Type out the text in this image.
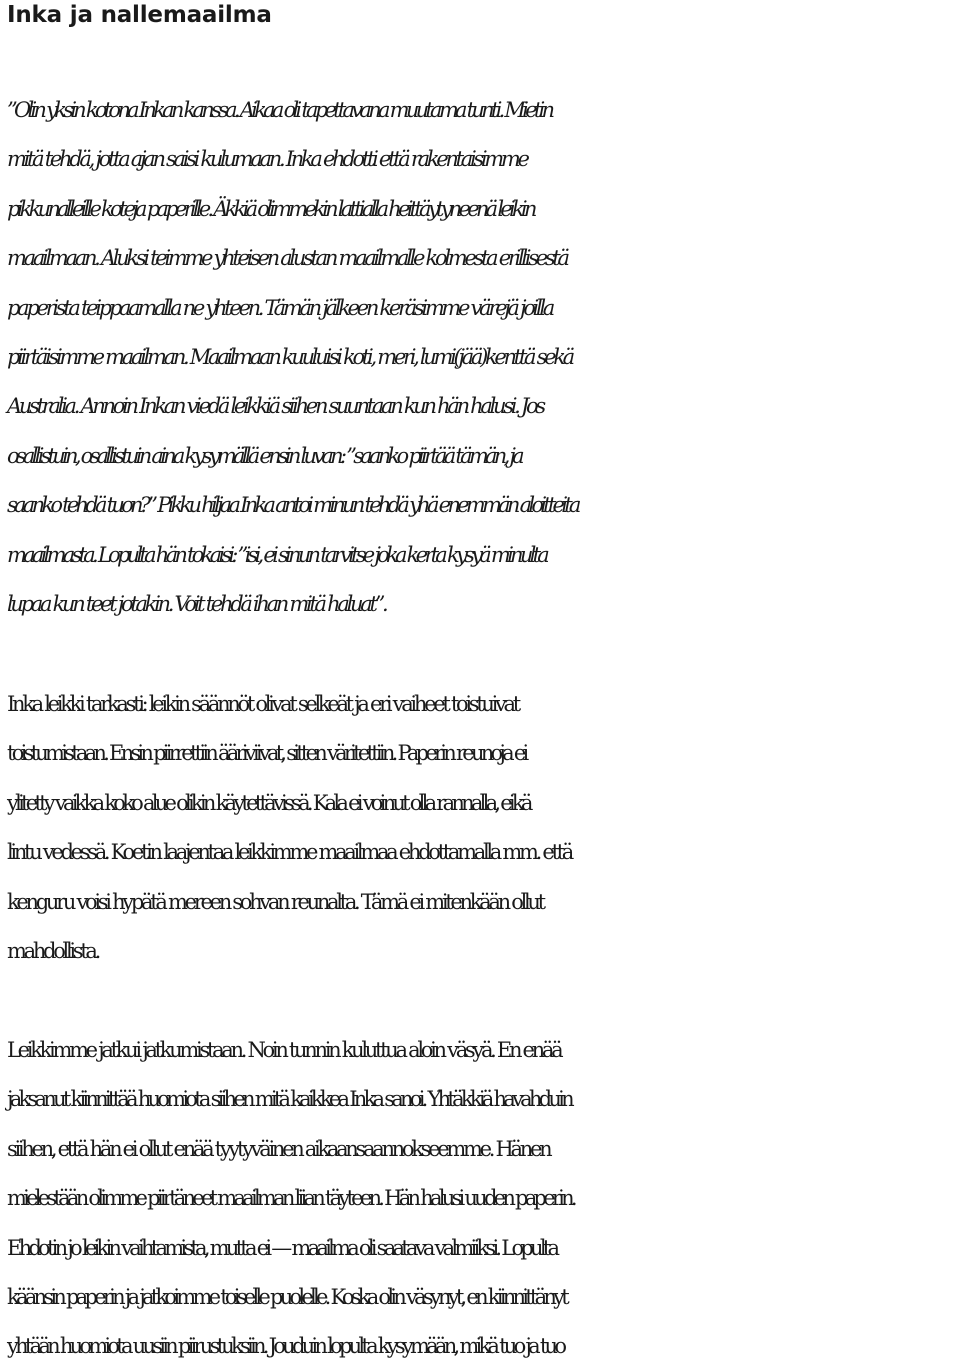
Inka ja nallemaailma
”Olin yksin kotona Inkan kanssa. Aikaa oli tapettavana muutama tunti. Mietin
mitä tehdä, jotta ajan saisi kulumaan. Inka ehdotti että rakentaisimme
pikkunalleille koteja paperille. Äkkiä olimmekin lattialla heittäytyneenä leikin
maailmaan. Aluksi teimme yhteisen alustan maailmalle kolmesta erillisestä
paperista teippaamalla ne yhteen. Tämän jälkeen keräsimme värejä joilla
piirtäisimme maailman. Maailmaan kuuluisi koti, meri, lumi(jää)kenttä sekä
Australia. Annoin Inkan viedä leikkiä siihen suuntaan kun hän halusi. Jos
osallistuin, osallistuin aina kysymällä ensin luvan: ”saanko piirtää tämän, ja
saanko tehdä tuon?” Pikku hiljaa Inka antoi minun tehdä yhä enemmän aloitteita
maailmasta. Lopulta hän tokaisi: ”isi, ei sinun tarvitse joka kerta kysyä minulta
lupaa kun teet jotakin. Voit tehdä ihan mitä haluat”.
Inka leikki tarkasti: leikin säännöt olivat selkeät ja eri vaiheet toistuivat
toistumistaan. Ensin piirrettiin ääriviivat, sitten väritettiin. Paperin reunoja ei
ylitetty vaikka koko alue olikin käytettävissä. Kala ei voinut olla rannalla, eikä
lintu vedessä. Koetin laajentaa leikkimme maailmaa ehdottamalla mm. että
kenguru voisi hypätä mereen sohvan reunalta. Tämä ei mitenkään ollut
mahdollista.
Leikkimme jatkui jatkumistaan. Noin tunnin kuluttua aloin väsyä. En enää
jaksanut kiinnittää huomiota siihen mitä kaikkea Inka sanoi. Yhtäkkiä havahduin
siihen, että hän ei ollut enää tyytyväinen aikaansaannokseemme. Hänen
mielestään olimme piirtäneet maailman liian täyteen. Hän halusi uuden paperin.
Ehdotin jo leikin vaihtamista, mutta ei — maailma oli saatava valmiiksi. Lopulta
käänsin paperin ja jatkoimme toiselle puolelle. Koska olin väsynyt, en kiinnittänyt
yhtään huomiota uusiin piirustuksiin. Jouduin lopulta kysymään, mikä tuo ja tuo
